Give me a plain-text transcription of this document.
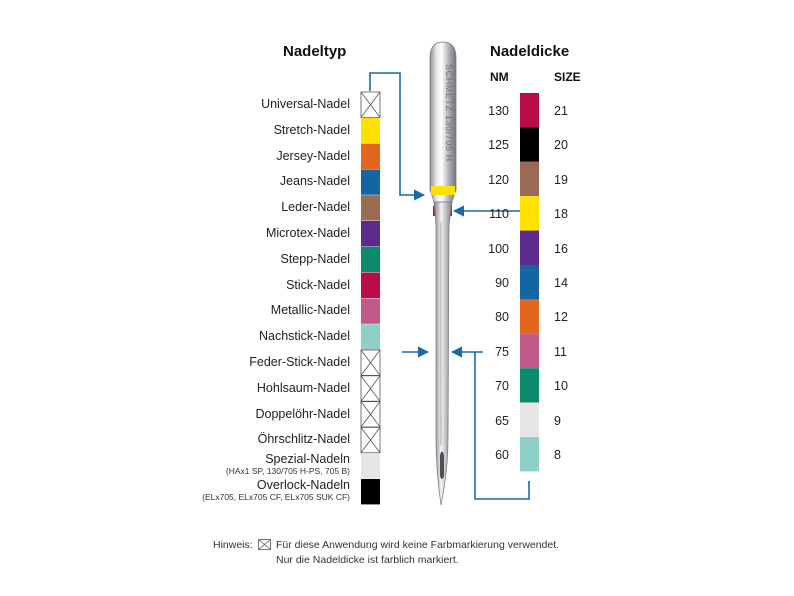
SCHMETZ 130/705 H
Nadeltyp	Nadeldicke
NM	SIZE
Universal-Nadel
Stretch-Nadel
Jersey-Nadel
Jeans-Nadel
Leder-Nadel
Microtex-Nadel
Stepp-Nadel
Stick-Nadel
Metallic-Nadel
Nachstick-Nadel
Feder-Stick-Nadel
Hohlsaum-Nadel
Doppelöhr-Nadel
Öhrschlitz-Nadel
Spezial-Nadeln
(HAx1 SP, 130/705 H-PS, 705 B)
Overlock-Nadeln
(ELx705, ELx705 CF, ELx705 SUK CF)
130	21
125	20
120	19
110	18
100	16
90	14
80	12
75	11
70	10
65	9
60	8
Hinweis: Für diese Anwendung wird keine Farbmarkierung verwendet.
Nur die Nadeldicke ist farblich markiert.
